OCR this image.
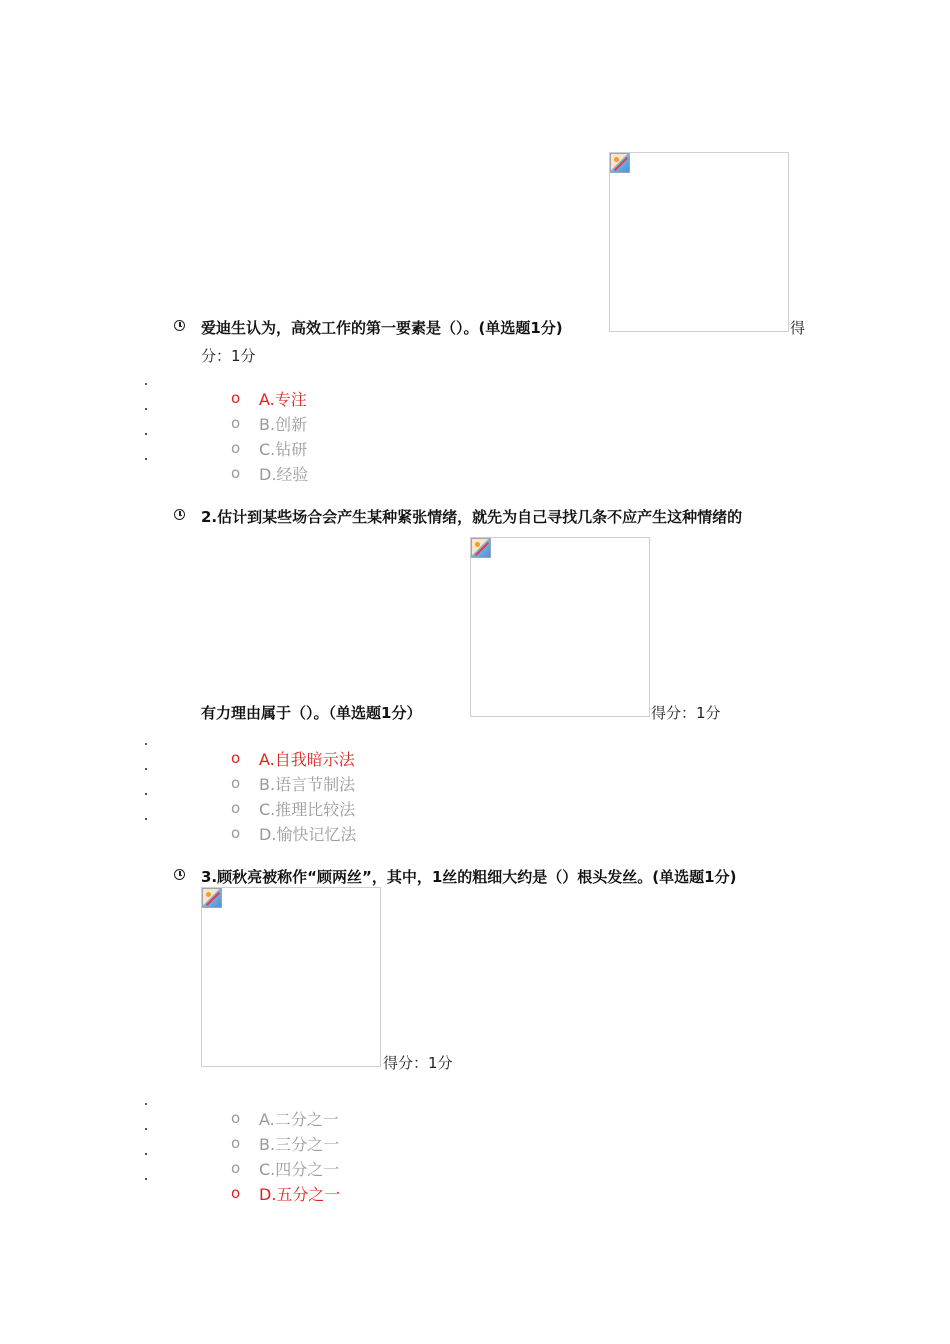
爱迪生认为，高效工作的第一要素是（）。(单选题1分)	得
分：1分
o A.专注
o B.创新
o C.钻研
o D.经验
2.估计到某些场合会产生某种紧张情绪，就先为自己寻找几条不应产生这种情绪的
有力理由属于（）。（单选题1分）	得分：1分
o A.自我暗示法
o B.语言节制法
o C.推理比较法
o D.愉快记忆法
3.顾秋亮被称作“顾两丝”，其中，1丝的粗细大约是（）根头发丝。(单选题1分)
得分：1分
o A.二分之一
o B.三分之一
o C.四分之一
o D.五分之一
